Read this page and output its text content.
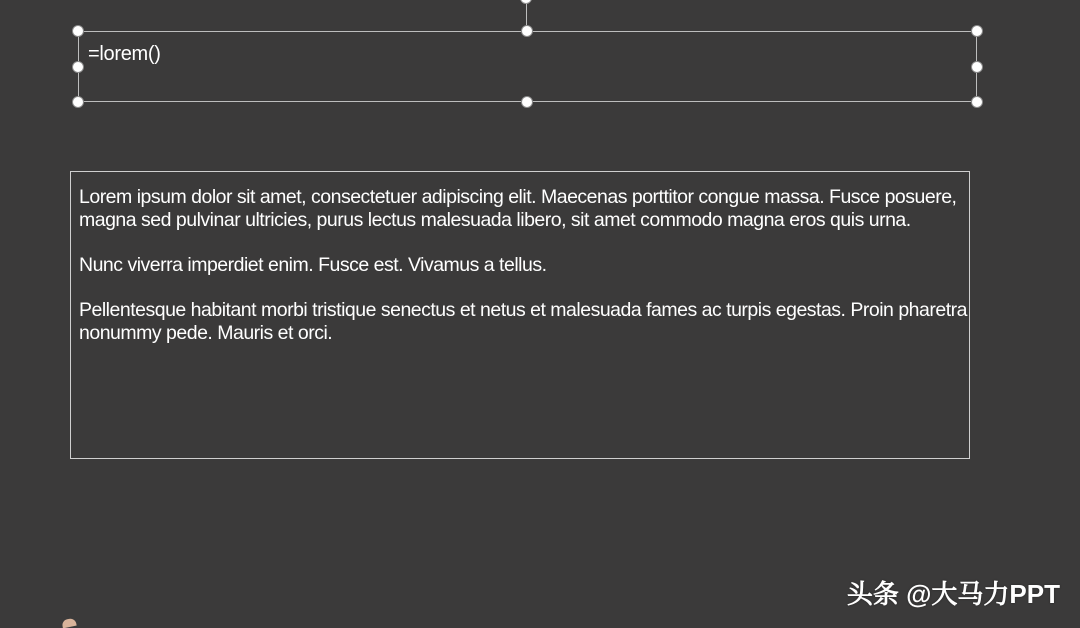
=lorem()

Lorem ipsum dolor sit amet, consectetuer adipiscing elit. Maecenas porttitor congue massa. Fusce posuere, magna sed pulvinar ultricies, purus lectus malesuada libero, sit amet commodo magna eros quis urna.

Nunc viverra imperdiet enim. Fusce est. Vivamus a tellus.

Pellentesque habitant morbi tristique senectus et netus et malesuada fames ac turpis egestas. Proin pharetra nonummy pede. Mauris et orci.

头条 @大马力PPT
